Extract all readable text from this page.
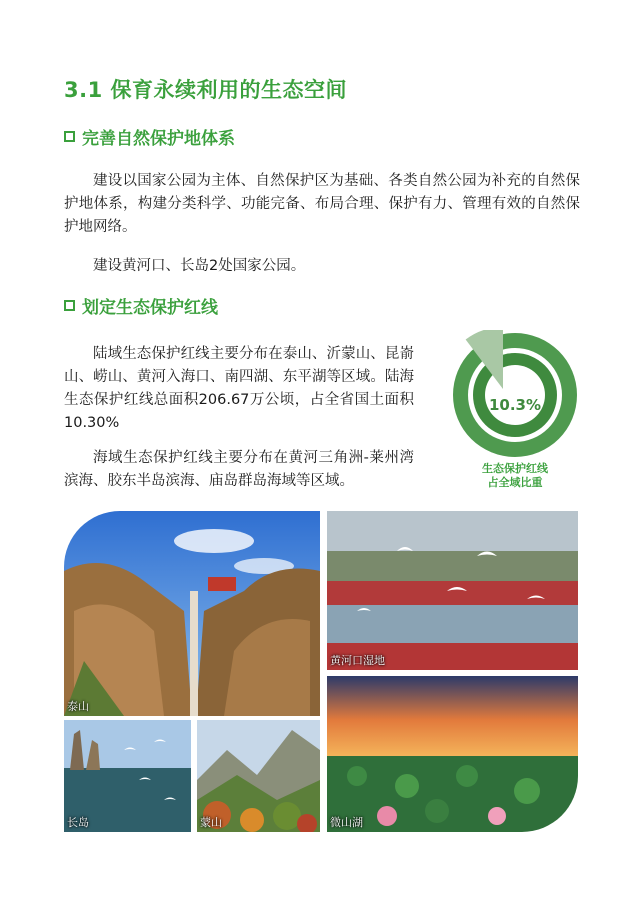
3.1 保育永续利用的生态空间
完善自然保护地体系

建设以国家公园为主体、自然保护区为基础、各类自然公园为补充的自然保护地体系，构建分类科学、功能完备、布局合理、保护有力、管理有效的自然保护地网络。

建设黄河口、长岛2处国家公园。

划定生态保护红线

陆域生态保护红线主要分布在泰山、沂蒙山、昆嵛山、崂山、黄河入海口、南四湖、东平湖等区域。陆海生态保护红线总面积206.67万公顷，占全省国土面积10.30%

海域生态保护红线主要分布在黄河三角洲-莱州湾滨海、胶东半岛滨海、庙岛群岛海域等区域。

10.3%
生态保护红线
占全域比重
泰山
黄河口湿地
长岛	蒙山	微山湖
